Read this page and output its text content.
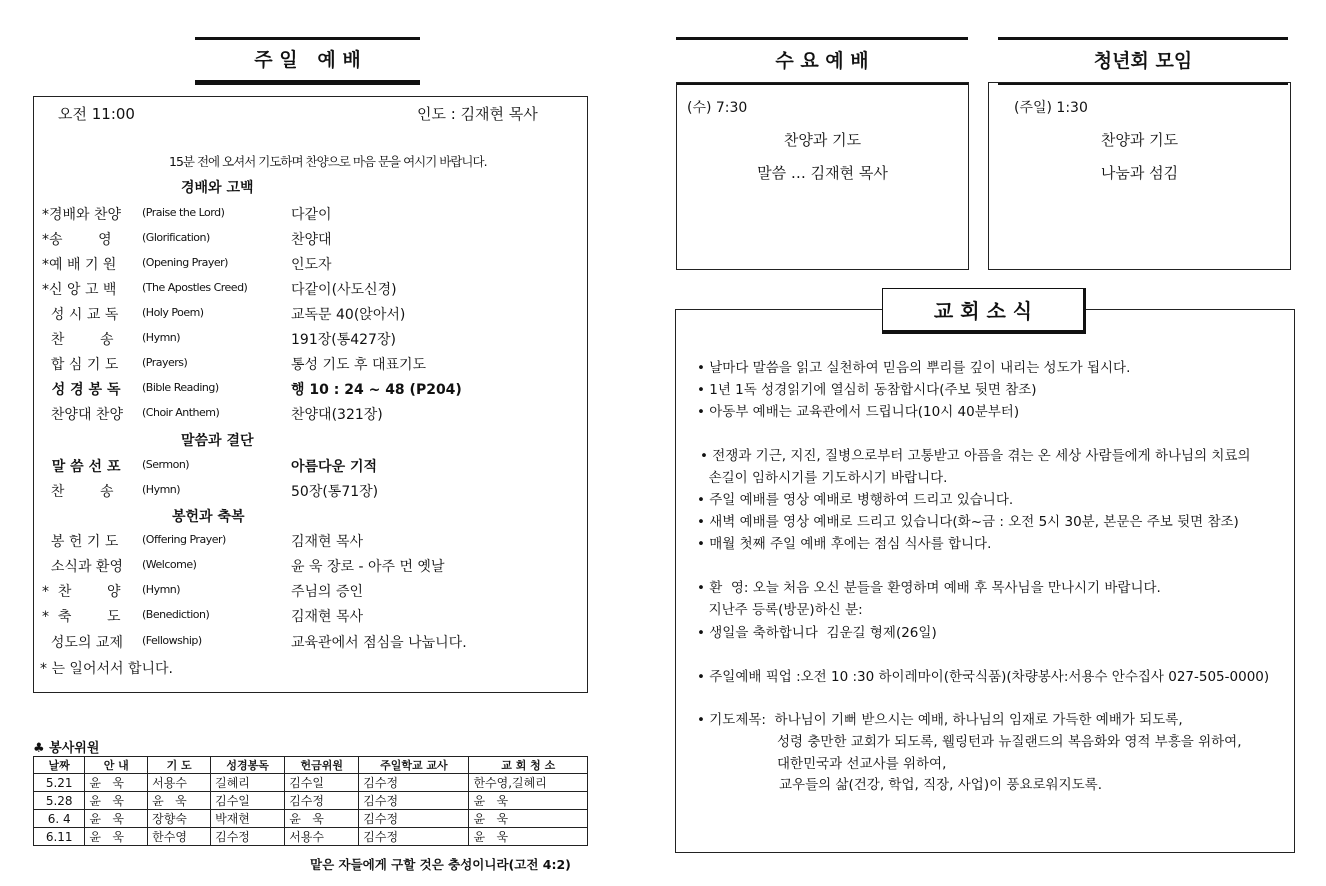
주 일   예 배
오전 11:00	인도 : 김재현 목사
15분 전에 오셔서 기도하며 찬양으로 마음 문을 여시기 바랍니다.
경배와 고백
*경배와 찬양 (Praise the Lord)	다같이
*송        영	(Glorification)	찬양대
*예 배 기 원 (Opening Prayer)	인도자
*신 앙 고 백 (The Apostles Creed)	다같이(사도신경)
성 시 교 독 (Holy Poem)	교독문 40(앉아서)
찬        송	(Hymn)	191장(통427장)
합 심 기 도 (Prayers)	통성 기도 후 대표기도
성 경 봉 독 (Bible Reading)	행 10 : 24 ~ 48 (P204)
찬양대 찬양 (Choir Anthem)	찬양대(321장)
말 씀 선 포 (Sermon)	아름다운 기적
찬        송	(Hymn)	50장(통71장)
봉 헌 기 도 (Offering Prayer)	김재현 목사
소식과 환영 (Welcome)	윤 욱 장로 - 아주 먼 옛날
*  찬        양 (Hymn)	주님의 증인
*  축        도 (Benediction)	김재현 목사
성도의 교제 (Fellowship)	교육관에서 점심을 나눕니다.
말씀과 결단
봉헌과 축복
* 는 일어서서 합니다.
♣ 봉사위원
날짜	안 내	기 도	성경봉독	헌금위원	주일학교 교사	교 회 청 소
5.21	윤   욱	서용수	길혜리	김수일	김수정	한수영,길혜리
5.28	윤   욱	윤   욱	김수일	김수정	김수정	윤   욱
6. 4	윤   욱	장향숙	박재현	윤   욱	김수정	윤   욱
6.11	윤   욱	한수영	김수정	서용수	김수정	윤   욱
맡은 자들에게 구할 것은 충성이니라(고전 4:2)
수 요 예 배
(수) 7:30
찬양과 기도
말씀 … 김재현 목사
청년회 모임
(주일) 1:30
찬양과 기도
나눔과 섬김
교 회 소 식
• 날마다 말씀을 읽고 실천하여 믿음의 뿌리를 깊이 내리는 성도가 됩시다.
• 1년 1독 성경읽기에 열심히 동참합시다(주보 뒷면 참조)
• 아동부 예배는 교육관에서 드립니다(10시 40분부터)
• 전쟁과 기근, 지진, 질병으로부터 고통받고 아픔을 겪는 온 세상 사람들에게 하나님의 치료의
손길이 임하시기를 기도하시기 바랍니다.
• 주일 예배를 영상 예배로 병행하여 드리고 있습니다.
• 새벽 예배를 영상 예배로 드리고 있습니다(화~금 : 오전 5시 30분, 본문은 주보 뒷면 참조)
• 매월 첫째 주일 예배 후에는 점심 식사를 합니다.
• 환  영: 오늘 처음 오신 분들을 환영하며 예배 후 목사님을 만나시기 바랍니다.
지난주 등록(방문)하신 분:
• 생일을 축하합니다  김운길 형제(26일)
• 주일예배 픽업 :오전 10 :30 하이레마이(한국식품)(차량봉사:서용수 안수집사 027-505-0000)
• 기도제목:  하나님이 기뻐 받으시는 예배, 하나님의 임재로 가득한 예배가 되도록,
성령 충만한 교회가 되도록, 웰링턴과 뉴질랜드의 복음화와 영적 부흥을 위하여,
대한민국과 선교사를 위하여,
교우들의 삶(건강, 학업, 직장, 사업)이 풍요로워지도록.
